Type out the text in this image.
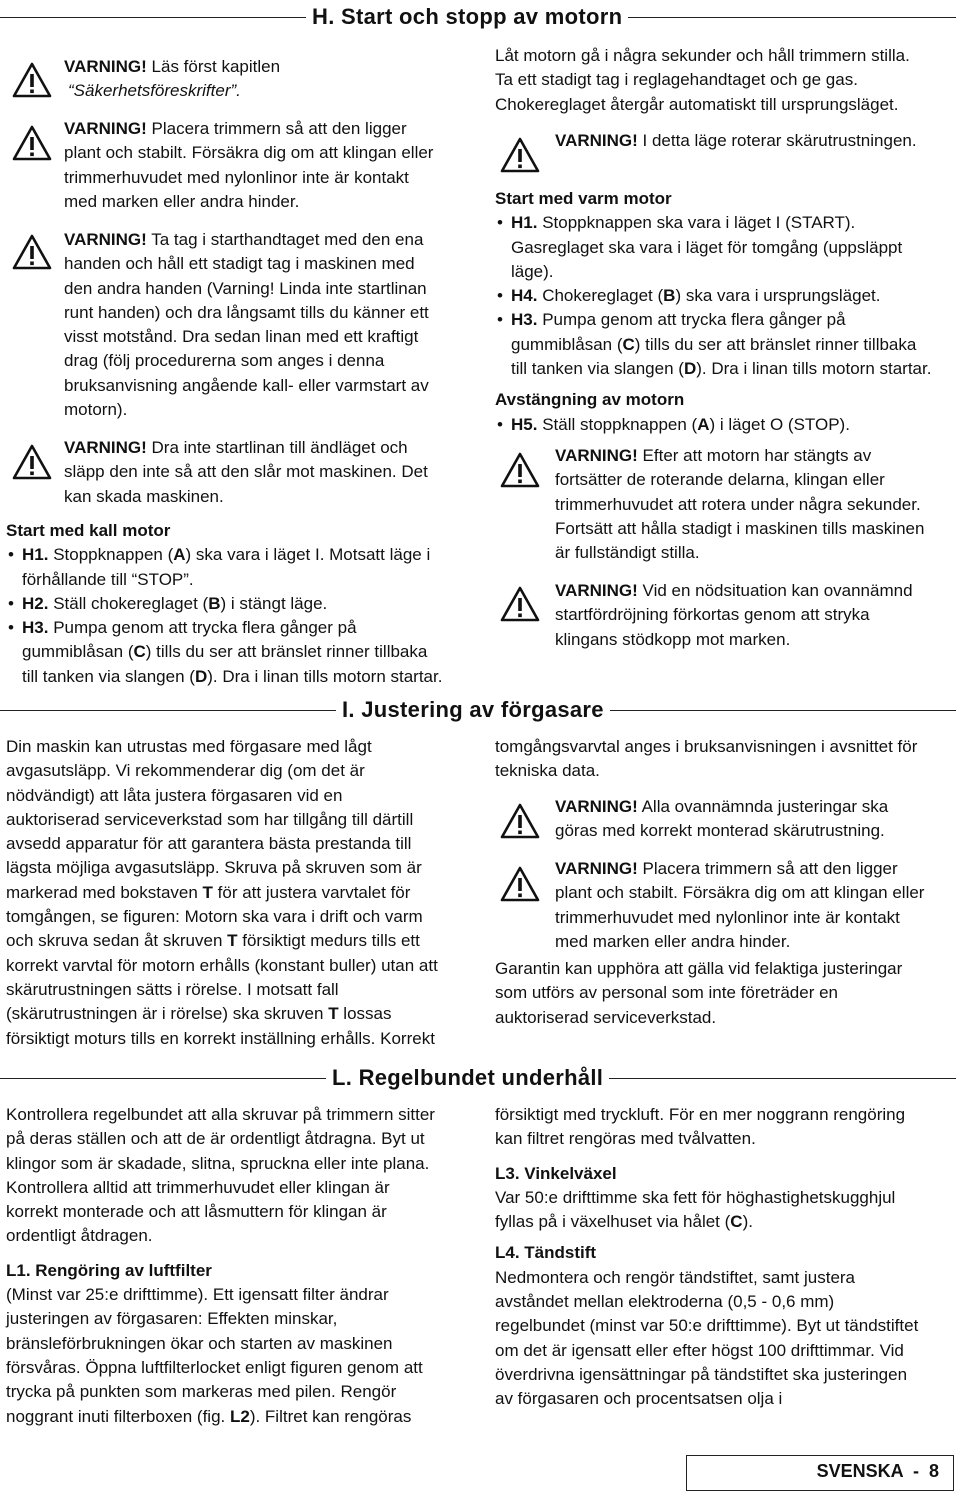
H. Start och stopp av motorn
VARNING! Läs först kapitlen
“Säkerhetsföreskrifter”.
VARNING! Placera trimmern så att den ligger
plant och stabilt. Försäkra dig om att klingan eller
trimmerhuvudet med nylonlinor inte är kontakt
med marken eller andra hinder.
VARNING! Ta tag i starthandtaget med den ena
handen och håll ett stadigt tag i maskinen med
den andra handen (Varning! Linda inte startlinan
runt handen) och dra långsamt tills du känner ett
visst motstånd. Dra sedan linan med ett kraftigt
drag (följ procedurerna som anges i denna
bruksanvisning angående kall- eller varmstart av
motorn).
VARNING! Dra inte startlinan till ändläget och
släpp den inte så att den slår mot maskinen. Det
kan skada maskinen.
Start med kall motor
• H1. Stoppknappen (A) ska vara i läget I. Motsatt läge i
förhållande till “STOP”.
• H2. Ställ chokereglaget (B) i stängt läge.
• H3. Pumpa genom att trycka flera gånger på
gummiblåsan (C) tills du ser att bränslet rinner tillbaka
till tanken via slangen (D). Dra i linan tills motorn startar.
Låt motorn gå i några sekunder och håll trimmern stilla.
Ta ett stadigt tag i reglagehandtaget och ge gas.
Chokereglaget återgår automatiskt till ursprungsläget.
VARNING! I detta läge roterar skärutrustningen.
Start med varm motor
• H1. Stoppknappen ska vara i läget I (START).
Gasreglaget ska vara i läget för tomgång (uppsläppt
läge).
• H4. Chokereglaget (B) ska vara i ursprungsläget.
• H3. Pumpa genom att trycka flera gånger på
gummiblåsan (C) tills du ser att bränslet rinner tillbaka
till tanken via slangen (D). Dra i linan tills motorn startar.
Avstängning av motorn
• H5. Ställ stoppknappen (A) i läget O (STOP).
VARNING! Efter att motorn har stängts av
fortsätter de roterande delarna, klingan eller
trimmerhuvudet att rotera under några sekunder.
Fortsätt att hålla stadigt i maskinen tills maskinen
är fullständigt stilla.
VARNING! Vid en nödsituation kan ovannämnd
startfördröjning förkortas genom att stryka
klingans stödkopp mot marken.
I. Justering av förgasare
Din maskin kan utrustas med förgasare med lågt
avgasutsläpp. Vi rekommenderar dig (om det är
nödvändigt) att låta justera förgasaren vid en
auktoriserad serviceverkstad som har tillgång till därtill
avsedd apparatur för att garantera bästa prestanda till
lägsta möjliga avgasutsläpp. Skruva på skruven som är
markerad med bokstaven T för att justera varvtalet för
tomgången, se figuren: Motorn ska vara i drift och varm
och skruva sedan åt skruven T försiktigt medurs tills ett
korrekt varvtal för motorn erhålls (konstant buller) utan att
skärutrustningen sätts i rörelse. I motsatt fall
(skärutrustningen är i rörelse) ska skruven T lossas
försiktigt moturs tills en korrekt inställning erhålls. Korrekt
tomgångsvarvtal anges i bruksanvisningen i avsnittet för
tekniska data.
VARNING! Alla ovannämnda justeringar ska
göras med korrekt monterad skärutrustning.
VARNING! Placera trimmern så att den ligger
plant och stabilt. Försäkra dig om att klingan eller
trimmerhuvudet med nylonlinor inte är kontakt
med marken eller andra hinder.
Garantin kan upphöra att gälla vid felaktiga justeringar
som utförs av personal som inte företräder en
auktoriserad serviceverkstad.
L. Regelbundet underhåll
Kontrollera regelbundet att alla skruvar på trimmern sitter
på deras ställen och att de är ordentligt åtdragna. Byt ut
klingor som är skadade, slitna, spruckna eller inte plana.
Kontrollera alltid att trimmerhuvudet eller klingan är
korrekt monterade och att låsmuttern för klingan är
ordentligt åtdragen.
L1. Rengöring av luftfilter
(Minst var 25:e drifttimme). Ett igensatt filter ändrar
justeringen av förgasaren: Effekten minskar,
bränsleförbrukningen ökar och starten av maskinen
försvåras. Öppna luftfilterlocket enligt figuren genom att
trycka på punkten som markeras med pilen. Rengör
noggrant inuti filterboxen (fig. L2). Filtret kan rengöras
försiktigt med tryckluft. För en mer noggrann rengöring
kan filtret rengöras med tvålvatten.
L3. Vinkelväxel
Var 50:e drifttimme ska fett för höghastighetskugghjul
fyllas på i växelhuset via hålet (C).
L4. Tändstift
Nedmontera och rengör tändstiftet, samt justera
avståndet mellan elektroderna (0,5 - 0,6 mm)
regelbundet (minst var 50:e drifttimme). Byt ut tändstiftet
om det är igensatt eller efter högst 100 drifttimmar. Vid
överdrivna igensättningar på tändstiftet ska justeringen
av förgasaren och procentsatsen olja i
SVENSKA  -  8
